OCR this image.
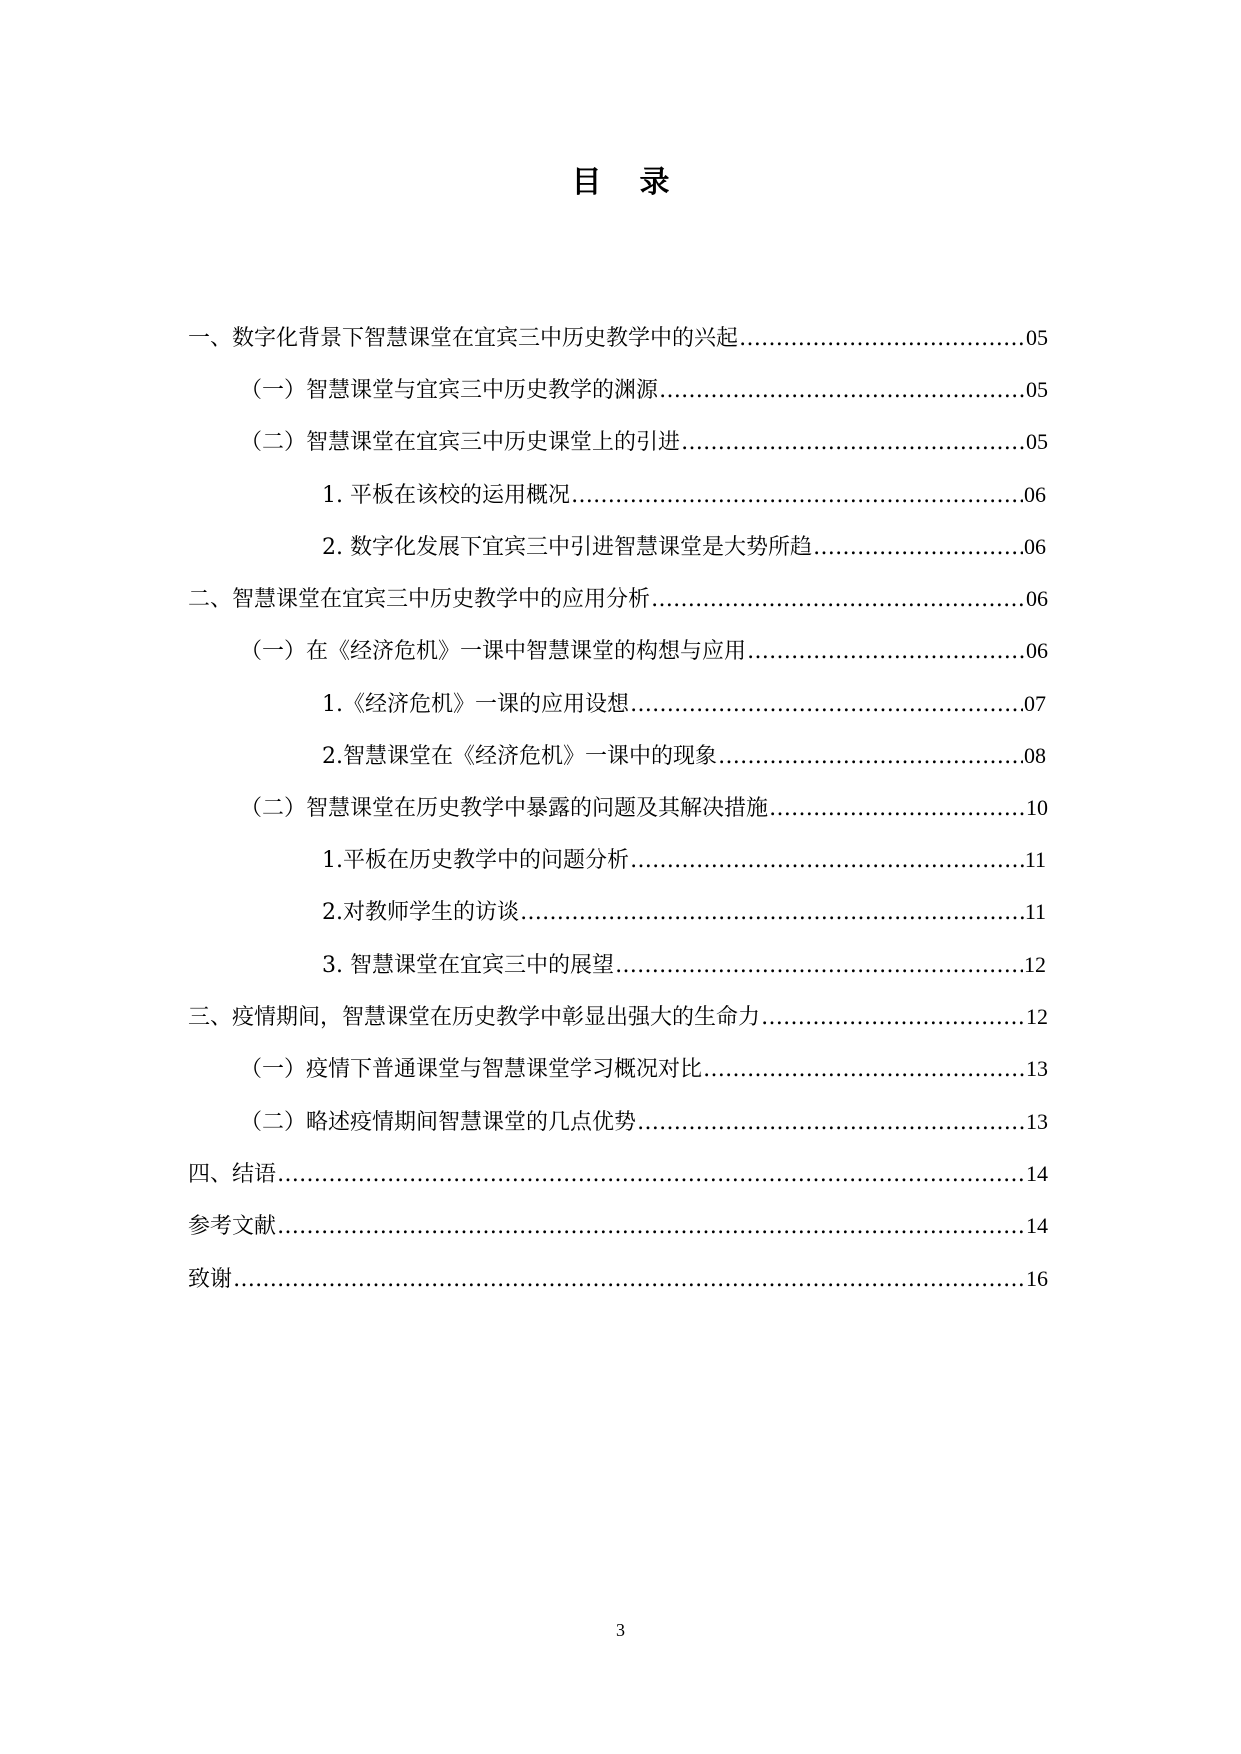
目录
一、数字化背景下智慧课堂在宜宾三中历史教学中的兴起 …………………………………………………………………………………………………………………………………………………………………………………………	05
（一）智慧课堂与宜宾三中历史教学的渊源 …………………………………………………………………………………………………………………………………………………………………………………………	05
（二）智慧课堂在宜宾三中历史课堂上的引进 …………………………………………………………………………………………………………………………………………………………………………………………	05
1. 平板在该校的运用概况 …………………………………………………………………………………………………………………………………………………………………………………………	06
2. 数字化发展下宜宾三中引进智慧课堂是大势所趋 …………………………………………………………………………………………………………………………………………………………………………………………	06
二、智慧课堂在宜宾三中历史教学中的应用分析 …………………………………………………………………………………………………………………………………………………………………………………………	06
（一）在《经济危机》一课中智慧课堂的构想与应用 …………………………………………………………………………………………………………………………………………………………………………………………	06
1.《经济危机》一课的应用设想 …………………………………………………………………………………………………………………………………………………………………………………………	07
2.智慧课堂在《经济危机》一课中的现象 …………………………………………………………………………………………………………………………………………………………………………………………	08
（二）智慧课堂在历史教学中暴露的问题及其解决措施 …………………………………………………………………………………………………………………………………………………………………………………………	10
1.平板在历史教学中的问题分析 …………………………………………………………………………………………………………………………………………………………………………………………	11
2.对教师学生的访谈 …………………………………………………………………………………………………………………………………………………………………………………………	11
3. 智慧课堂在宜宾三中的展望 …………………………………………………………………………………………………………………………………………………………………………………………	12
三、疫情期间，智慧课堂在历史教学中彰显出强大的生命力 …………………………………………………………………………………………………………………………………………………………………………………………	12
（一）疫情下普通课堂与智慧课堂学习概况对比 …………………………………………………………………………………………………………………………………………………………………………………………	13
（二）略述疫情期间智慧课堂的几点优势 …………………………………………………………………………………………………………………………………………………………………………………………	13
四、结语 …………………………………………………………………………………………………………………………………………………………………………………………	14
参考文献 …………………………………………………………………………………………………………………………………………………………………………………………	14
致谢 …………………………………………………………………………………………………………………………………………………………………………………………	16
3
